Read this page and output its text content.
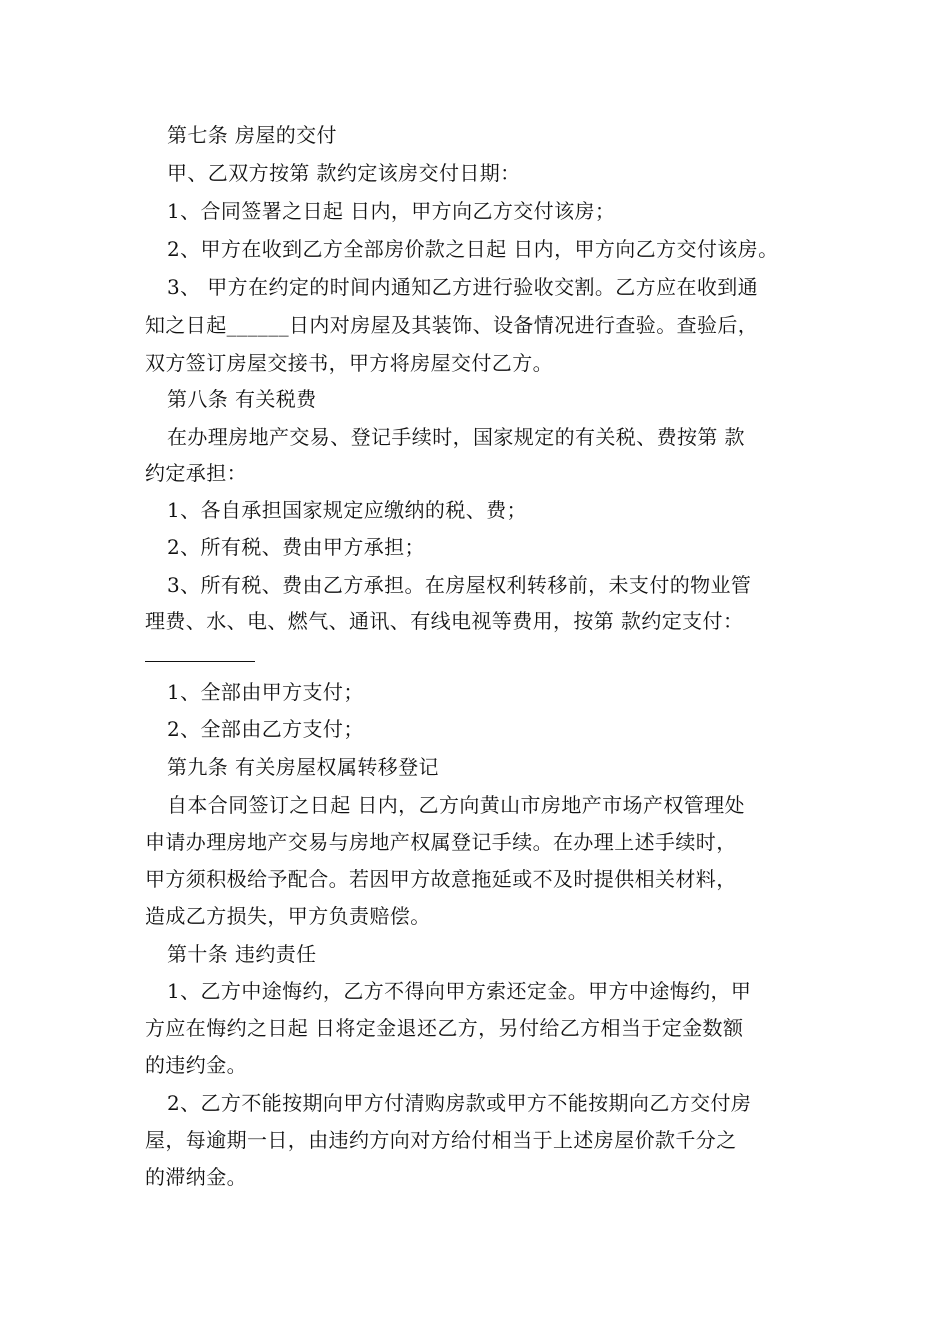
第七条 房屋的交付
甲、乙双方按第 款约定该房交付日期：
1、合同签署之日起 日内，甲方向乙方交付该房；
2、甲方在收到乙方全部房价款之日起 日内，甲方向乙方交付该房。
3、 甲方在约定的时间内通知乙方进行验收交割。乙方应在收到通
知之日起______日内对房屋及其装饰、设备情况进行查验。查验后，
双方签订房屋交接书，甲方将房屋交付乙方。
第八条 有关税费
在办理房地产交易、登记手续时，国家规定的有关税、费按第 款
约定承担：
1、各自承担国家规定应缴纳的税、费；
2、所有税、费由甲方承担；
3、所有税、费由乙方承担。在房屋权利转移前，未支付的物业管
理费、水、电、燃气、通讯、有线电视等费用，按第 款约定支付：
1、全部由甲方支付；
2、全部由乙方支付；
第九条 有关房屋权属转移登记
自本合同签订之日起 日内，乙方向黄山市房地产市场产权管理处
申请办理房地产交易与房地产权属登记手续。在办理上述手续时，
甲方须积极给予配合。若因甲方故意拖延或不及时提供相关材料，
造成乙方损失，甲方负责赔偿。
第十条 违约责任
1、乙方中途悔约，乙方不得向甲方索还定金。甲方中途悔约，甲
方应在悔约之日起 日将定金退还乙方，另付给乙方相当于定金数额
的违约金。
2、乙方不能按期向甲方付清购房款或甲方不能按期向乙方交付房
屋，每逾期一日，由违约方向对方给付相当于上述房屋价款千分之
的滞纳金。
